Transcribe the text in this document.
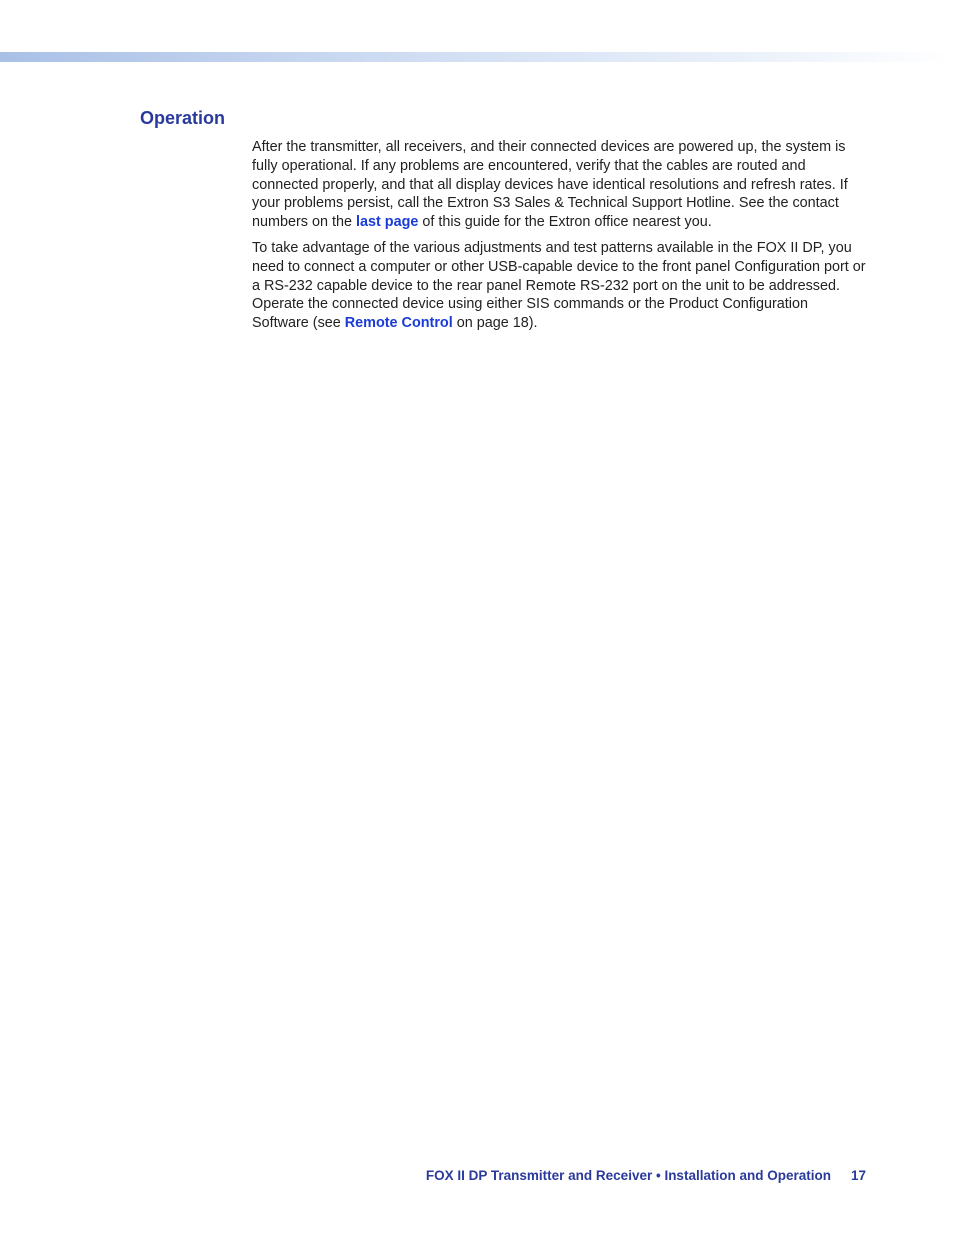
Operation

After the transmitter, all receivers, and their connected devices are powered up, the system is fully operational. If any problems are encountered, verify that the cables are routed and connected properly, and that all display devices have identical resolutions and refresh rates. If your problems persist, call the Extron S3 Sales & Technical Support Hotline. See the contact numbers on the last page of this guide for the Extron office nearest you.

To take advantage of the various adjustments and test patterns available in the FOX II DP, you need to connect a computer or other USB-capable device to the front panel Configuration port or a RS-232 capable device to the rear panel Remote RS-232 port on the unit to be addressed. Operate the connected device using either SIS commands or the Product Configuration Software (see Remote Control on page 18).

FOX II DP Transmitter and Receiver • Installation and Operation 17
